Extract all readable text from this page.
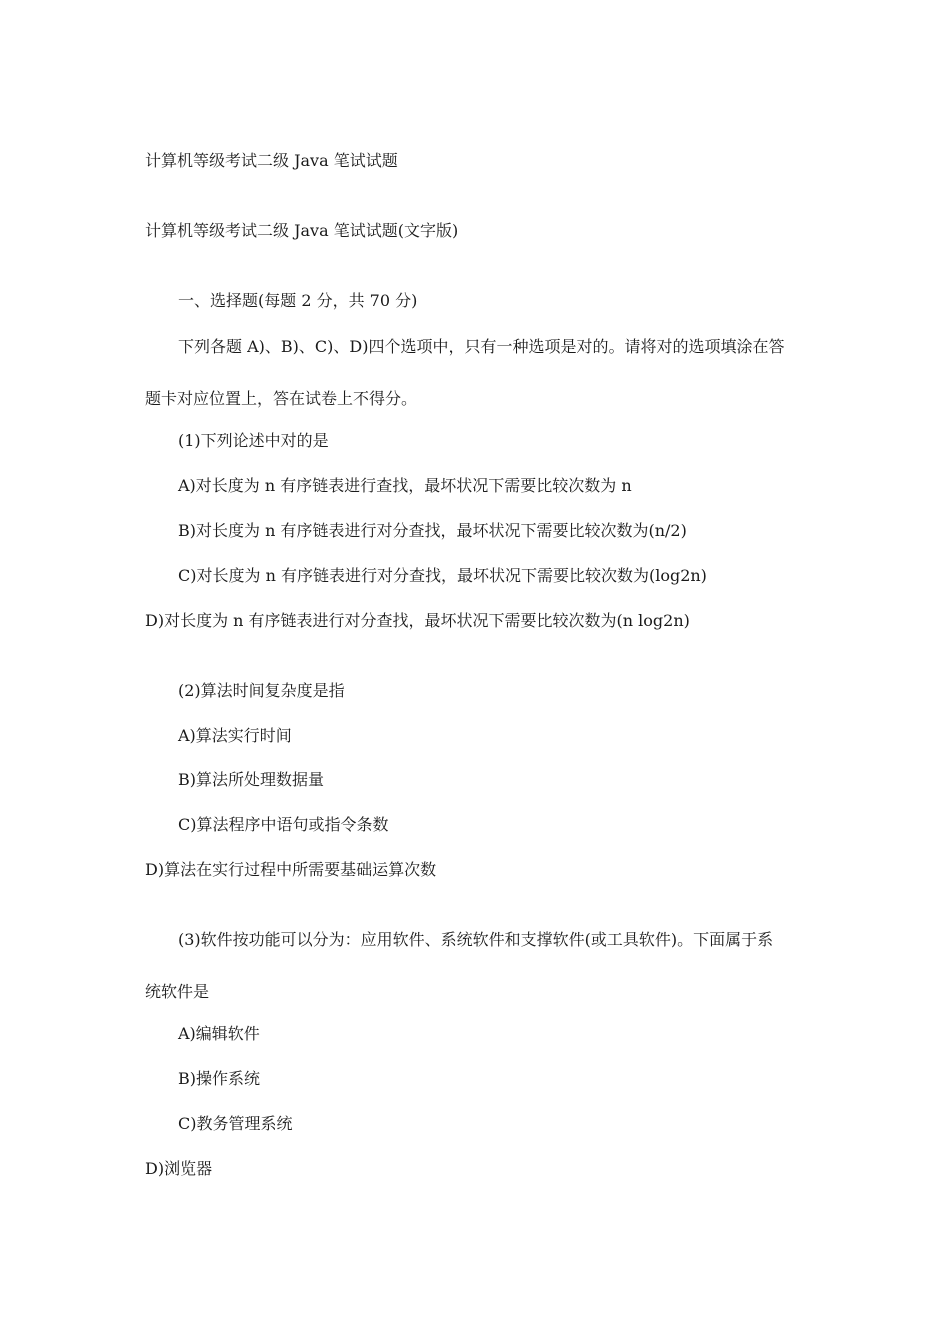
计算机等级考试二级 Java 笔试试题

计算机等级考试二级 Java 笔试试题(文字版)

一、选择题(每题 2 分，共 70 分)

下列各题 A)、B)、C)、D)四个选项中，只有一种选项是对的。请将对的选项填涂在答

题卡对应位置上，答在试卷上不得分。

(1)下列论述中对的是

A)对长度为 n 有序链表进行查找，最坏状况下需要比较次数为 n

B)对长度为 n 有序链表进行对分查找，最坏状况下需要比较次数为(n/2)

C)对长度为 n 有序链表进行对分查找，最坏状况下需要比较次数为(log2n)

D)对长度为 n 有序链表进行对分查找，最坏状况下需要比较次数为(n log2n)

(2)算法时间复杂度是指

A)算法实行时间

B)算法所处理数据量

C)算法程序中语句或指令条数

D)算法在实行过程中所需要基础运算次数

(3)软件按功能可以分为：应用软件、系统软件和支撑软件(或工具软件)。下面属于系

统软件是

A)编辑软件

B)操作系统

C)教务管理系统

D)浏览器
